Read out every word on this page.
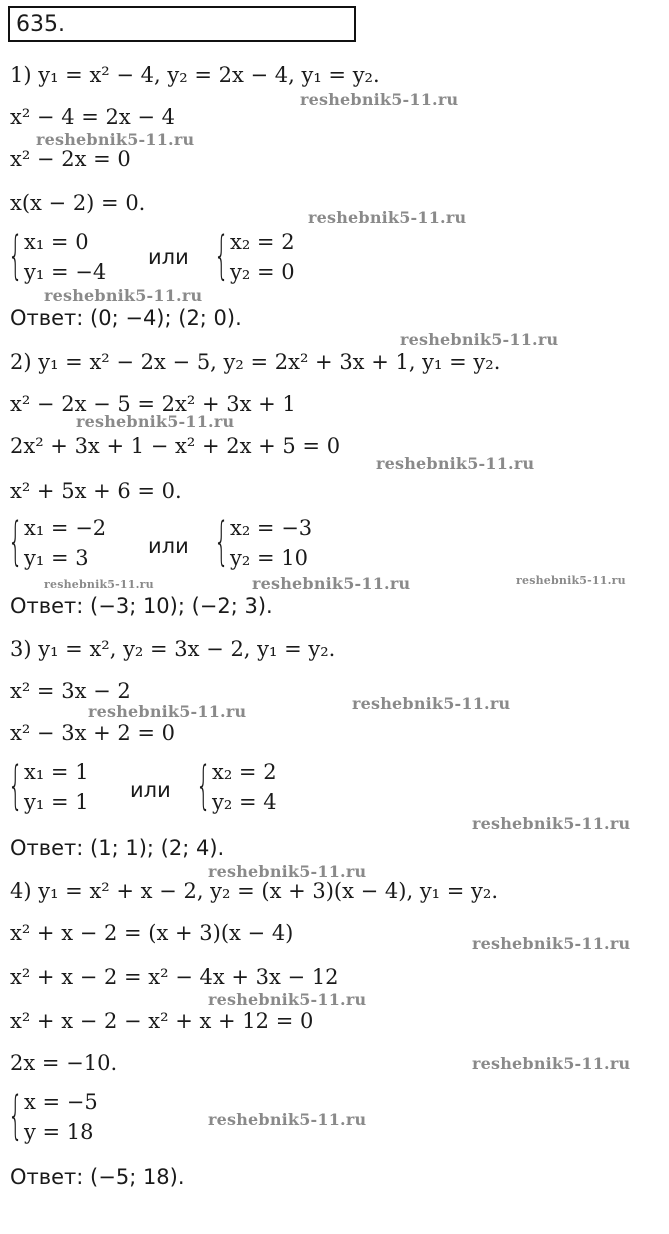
635.
1) y₁ = x² − 4, y₂ = 2x − 4, y₁ = y₂.
x² − 4 = 2x − 4
x² − 2x = 0
x(x − 2) = 0.
{ x₁ = 0
y₁ = −4
или { x₂ = 2
y₂ = 0
Ответ: (0; −4); (2; 0).
2) y₁ = x² − 2x − 5, y₂ = 2x² + 3x + 1, y₁ = y₂.
x² − 2x − 5 = 2x² + 3x + 1
2x² + 3x + 1 − x² + 2x + 5 = 0
x² + 5x + 6 = 0.
{ x₁ = −2
y₁ = 3	или { x₂ = −3
y₂ = 10
Ответ: (−3; 10); (−2; 3).
3) y₁ = x², y₂ = 3x − 2, y₁ = y₂.
x² = 3x − 2
x² − 3x + 2 = 0
{ x₁ = 1
y₁ = 1 или { x₂ = 2
y₂ = 4
Ответ: (1; 1); (2; 4).
4) y₁ = x² + x − 2, y₂ = (x + 3)(x − 4), y₁ = y₂.
x² + x − 2 = (x + 3)(x − 4)
x² + x − 2 = x² − 4x + 3x − 12
x² + x − 2 − x² + x + 12 = 0
2x = −10.
{ x = −5
y = 18
Ответ: (−5; 18).
reshebnik5-11.ru
reshebnik5-11.ru
reshebnik5-11.ru
reshebnik5-11.ru
reshebnik5-11.ru
reshebnik5-11.ru
reshebnik5-11.ru
reshebnik5-11.ru	reshebnik5-11.ru	reshebnik5-11.ru
reshebnik5-11.ru
reshebnik5-11.ru
reshebnik5-11.ru
reshebnik5-11.ru
reshebnik5-11.ru
reshebnik5-11.ru
reshebnik5-11.ru
reshebnik5-11.ru
